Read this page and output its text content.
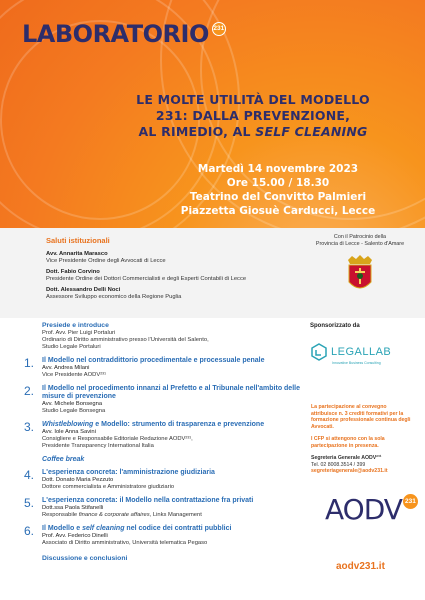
LABORATORIO 231
LE MOLTE UTILITÀ DEL MODELLO
231: DALLA PREVENZIONE,
AL RIMEDIO, AL SELF CLEANING
Martedì 14 novembre 2023
Ore 15.00 / 18.30
Teatrino del Convitto Palmieri
Piazzetta Giosuè Carducci, Lecce
Saluti istituzionali
Avv. Annarita Marasco
Vice Presidente Ordine degli Avvocati di Lecce
Dott. Fabio Corvino
Presidente Ordine dei Dottori Commercialisti e degli Esperti Contabili di Lecce
Dott. Alessandro Delli Noci
Assessore Sviluppo economico della Regione Puglia
Con il Patrocinio della
Provincia di Lecce - Salento d'Amare
Presiede e introduce
Prof. Avv. Pier Luigi Portaluri
Ordinario di Diritto amministrativo presso l'Università del Salento,
Studio Legale Portaluri
1. Il Modello nel contraddittorio procedimentale e processuale penale
Avv. Andrea Milani
Vice Presidente AODV²³¹
2. Il Modello nel procedimento innanzi al Prefetto e al Tribunale nell'ambito delle misure di prevenzione
Avv. Michele Bonsegna
Studio Legale Bonsegna
3. Whistleblowing e Modello: strumento di trasparenza e prevenzione
Avv. Iole Anna Savini
Consigliere e Responsabile Editoriale Redazione AODV²³¹,
Presidente Transparency International Italia
Coffee break
4. L'esperienza concreta: l'amministrazione giudiziaria
Dott. Donato Maria Pezzuto
Dottore commercialista e Amministratore giudiziario
5. L'esperienza concreta: il Modello nella contrattazione fra privati
Dott.ssa Paola Stifanelli
Responsabile finance & corporate affaires, Links Management
6. Il Modello e self cleaning nel codice dei contratti pubblici
Prof. Avv. Federico Dinelli
Associato di Diritto amministrativo, Università telematica Pegaso
Discussione e conclusioni
Sponsorizzato da
LEGALLAB
Innovative Business Consulting

La partecipazione al convegno attribuisce n. 3 crediti formativi per la formazione professionale continua degli Avvocati.

I CFP si attengono con la sola partecipazione in presenza.

Segreteria Generale AODV²³¹

Tel. 02 8008.3514 / 399

segreteriagenerale@aodv231.it

AODV 231
aodv231.it
